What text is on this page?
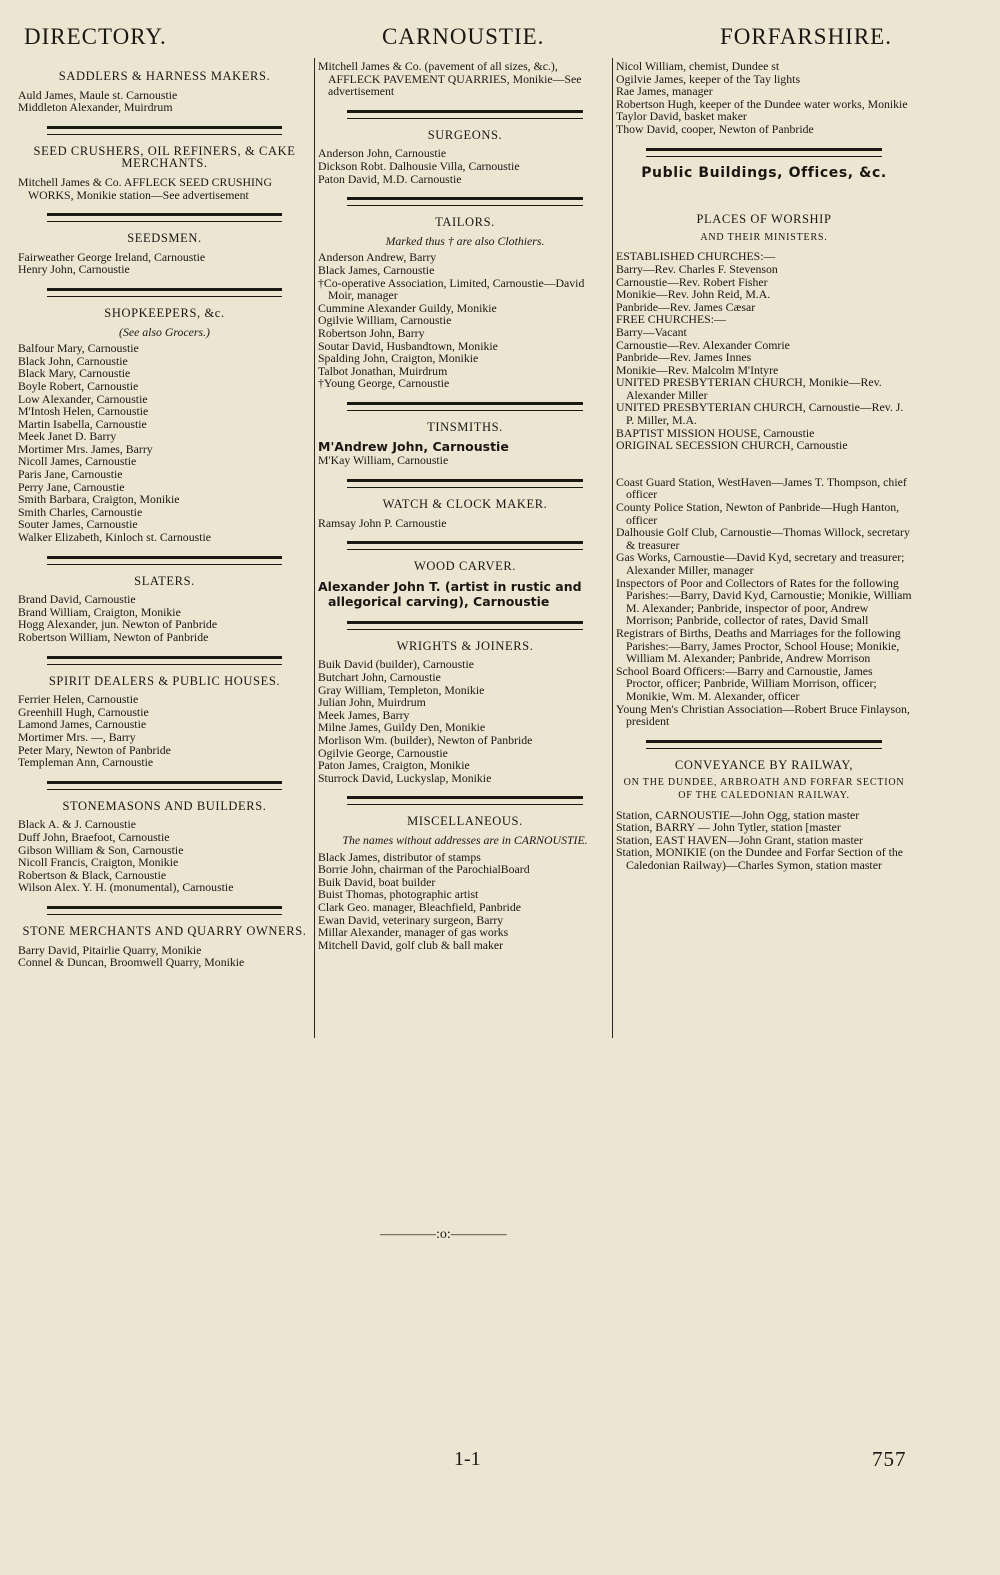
DIRECTORY.	CARNOUSTIE.	FORFARSHIRE.
SADDLERS & HARNESS MAKERS.
Auld James, Maule st. Carnoustie
Middleton Alexander, Muirdrum
SEED CRUSHERS, OIL REFINERS, & CAKE MERCHANTS.
Mitchell James & Co. AFFLECK SEED CRUSHING WORKS, Monikie station—See advertisement
SEEDSMEN.
Fairweather George Ireland, Carnoustie
Henry John, Carnoustie
SHOPKEEPERS, &c.
(See also Grocers.)
Balfour Mary, Carnoustie
Black John, Carnoustie
Black Mary, Carnoustie
Boyle Robert, Carnoustie
Low Alexander, Carnoustie
M'Intosh Helen, Carnoustie
Martin Isabella, Carnoustie
Meek Janet D. Barry
Mortimer Mrs. James, Barry
Nicoll James, Carnoustie
Paris Jane, Carnoustie
Perry Jane, Carnoustie
Smith Barbara, Craigton, Monikie
Smith Charles, Carnoustie
Souter James, Carnoustie
Walker Elizabeth, Kinloch st. Carnoustie
SLATERS.
Brand David, Carnoustie
Brand William, Craigton, Monikie
Hogg Alexander, jun. Newton of Panbride
Robertson William, Newton of Panbride
SPIRIT DEALERS & PUBLIC HOUSES.
Ferrier Helen, Carnoustie
Greenhill Hugh, Carnoustie
Lamond James, Carnoustie
Mortimer Mrs. —, Barry
Peter Mary, Newton of Panbride
Templeman Ann, Carnoustie
STONEMASONS AND BUILDERS.
Black A. & J. Carnoustie
Duff John, Braefoot, Carnoustie
Gibson William & Son, Carnoustie
Nicoll Francis, Craigton, Monikie
Robertson & Black, Carnoustie
Wilson Alex. Y. H. (monumental), Carnoustie
STONE MERCHANTS AND QUARRY OWNERS.
Barry David, Pitairlie Quarry, Monikie
Connel & Duncan, Broomwell Quarry, Monikie
Mitchell James & Co. (pavement of all sizes, &c.), AFFLECK PAVEMENT QUARRIES, Monikie—See advertisement
SURGEONS.
Anderson John, Carnoustie
Dickson Robt. Dalhousie Villa, Carnoustie
Paton David, M.D. Carnoustie
TAILORS.
Marked thus † are also Clothiers.
Anderson Andrew, Barry
Black James, Carnoustie
†Co-operative Association, Limited, Carnoustie—David Moir, manager
Cummine Alexander Guildy, Monikie
Ogilvie William, Carnoustie
Robertson John, Barry
Soutar David, Husbandtown, Monikie
Spalding John, Craigton, Monikie
Talbot Jonathan, Muirdrum
†Young George, Carnoustie
TINSMITHS.
M'Andrew John, Carnoustie
M'Kay William, Carnoustie
WATCH & CLOCK MAKER.
Ramsay John P. Carnoustie
WOOD CARVER.
Alexander John T. (artist in rustic and allegorical carving), Carnoustie
WRIGHTS & JOINERS.
Buik David (builder), Carnoustie
Butchart John, Carnoustie
Gray William, Templeton, Monikie
Julian John, Muirdrum
Meek James, Barry
Milne James, Guildy Den, Monikie
Morlison Wm. (builder), Newton of Panbride
Ogilvie George, Carnoustie
Paton James, Craigton, Monikie
Sturrock David, Luckyslap, Monikie
MISCELLANEOUS.
The names without addresses are in CARNOUSTIE.
Black James, distributor of stamps
Borrie John, chairman of the ParochialBoard
Buik David, boat builder
Buist Thomas, photographic artist
Clark Geo. manager, Bleachfield, Panbride
Ewan David, veterinary surgeon, Barry
Millar Alexander, manager of gas works
Mitchell David, golf club & ball maker
Nicol William, chemist, Dundee st
Ogilvie James, keeper of the Tay lights
Rae James, manager
Robertson Hugh, keeper of the Dundee water works, Monikie
Taylor David, basket maker
Thow David, cooper, Newton of Panbride
Public Buildings, Offices, &c.
PLACES OF WORSHIP
AND THEIR MINISTERS.
ESTABLISHED CHURCHES:—
Barry—Rev. Charles F. Stevenson
Carnoustie—Rev. Robert Fisher
Monikie—Rev. John Reid, M.A.
Panbride—Rev. James Cæsar
FREE CHURCHES:—
Barry—Vacant
Carnoustie—Rev. Alexander Comrie
Panbride—Rev. James Innes
Monikie—Rev. Malcolm M'Intyre
UNITED PRESBYTERIAN CHURCH, Monikie—Rev. Alexander Miller
UNITED PRESBYTERIAN CHURCH, Carnoustie—Rev. J. P. Miller, M.A.
BAPTIST MISSION HOUSE, Carnoustie
ORIGINAL SECESSION CHURCH, Carnoustie
Coast Guard Station, WestHaven—James T. Thompson, chief officer
County Police Station, Newton of Panbride—Hugh Hanton, officer
Dalhousie Golf Club, Carnoustie—Thomas Willock, secretary & treasurer
Gas Works, Carnoustie—David Kyd, secretary and treasurer; Alexander Miller, manager
Inspectors of Poor and Collectors of Rates for the following Parishes:—Barry, David Kyd, Carnoustie; Monikie, William M. Alexander; Panbride, inspector of poor, Andrew Morrison; Panbride, collector of rates, David Small
Registrars of Births, Deaths and Marriages for the following Parishes:—Barry, James Proctor, School House; Monikie, William M. Alexander; Panbride, Andrew Morrison
School Board Officers:—Barry and Carnoustie, James Proctor, officer; Panbride, William Morrison, officer; Monikie, Wm. M. Alexander, officer
Young Men's Christian Association—Robert Bruce Finlayson, president
CONVEYANCE BY RAILWAY,
ON THE DUNDEE, ARBROATH AND FORFAR SECTION OF THE CALEDONIAN RAILWAY.
Station, CARNOUSTIE—John Ogg, station master
Station, BARRY — John Tytler, station [master
Station, EAST HAVEN—John Grant, station master
Station, MONIKIE (on the Dundee and Forfar Section of the Caledonian Railway)—Charles Symon, station master
————:o:————
1-1	757
